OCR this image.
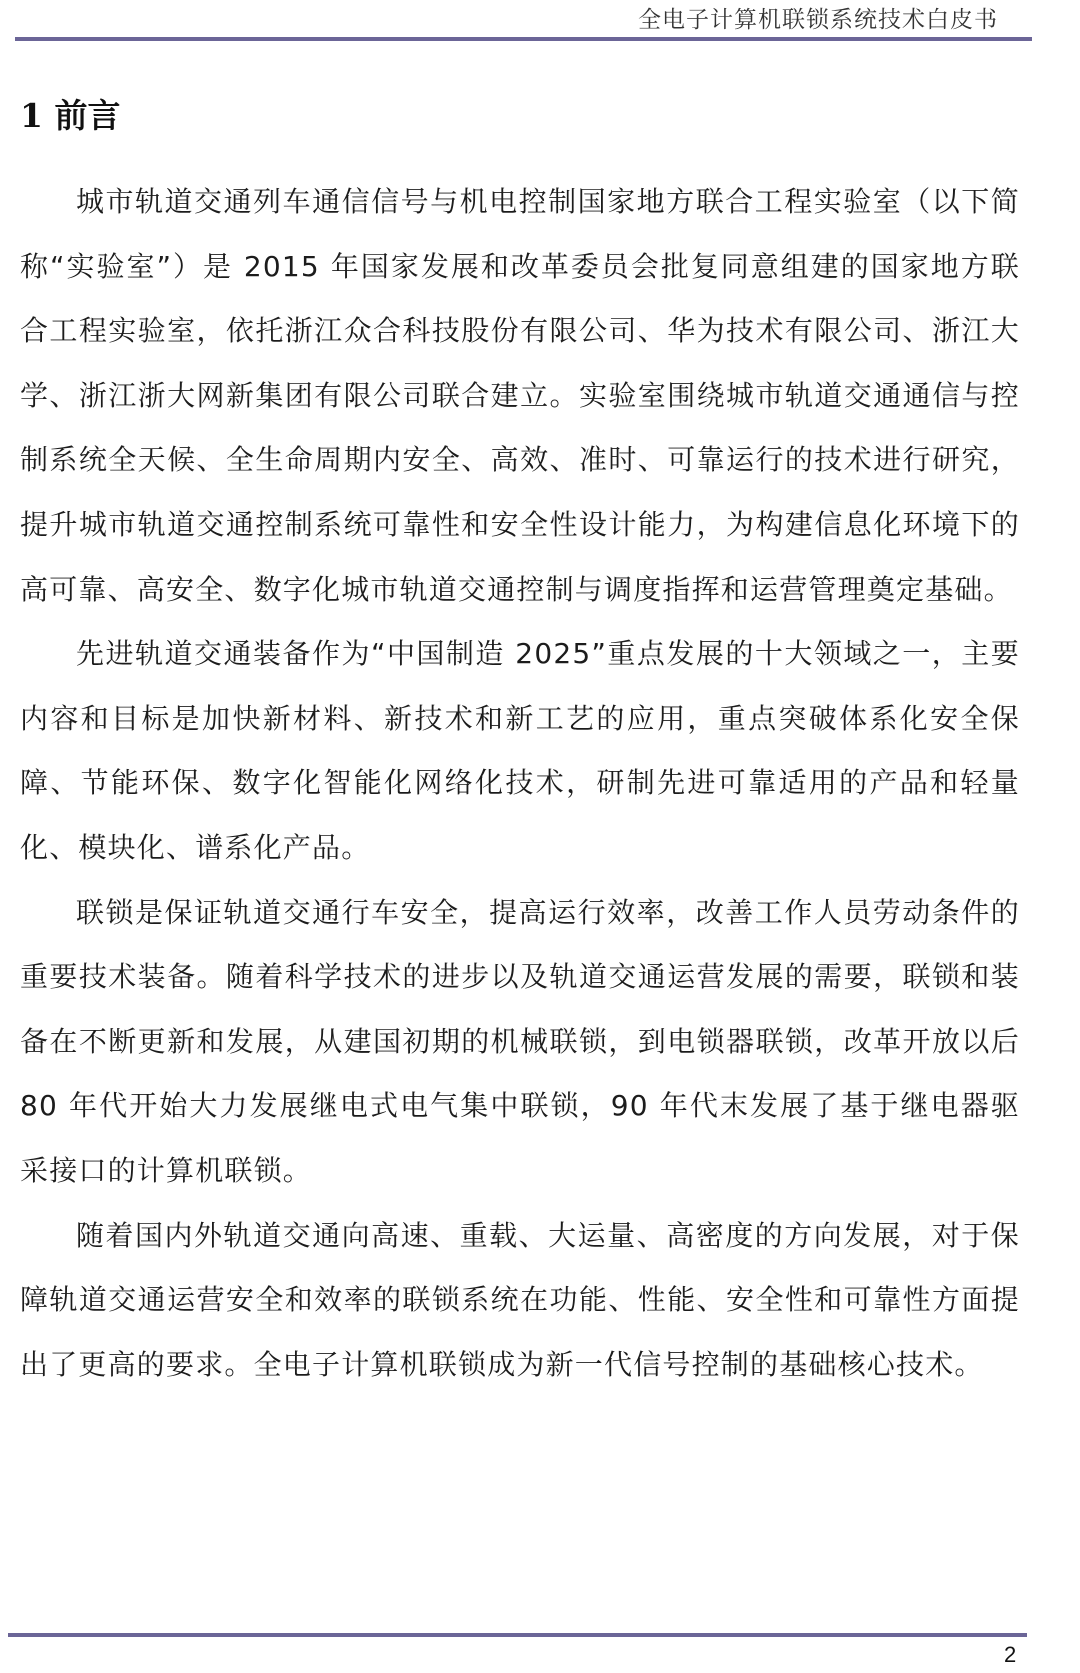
全电子计算机联锁系统技术白皮书
1 前言

城市轨道交通列车通信信号与机电控制国家地方联合工程实验室（以下简称“实验室”）是 2015 年国家发展和改革委员会批复同意组建的国家地方联合工程实验室，依托浙江众合科技股份有限公司、华为技术有限公司、浙江大学、浙江浙大网新集团有限公司联合建立。实验室围绕城市轨道交通通信与控制系统全天候、全生命周期内安全、高效、准时、可靠运行的技术进行研究，提升城市轨道交通控制系统可靠性和安全性设计能力，为构建信息化环境下的高可靠、高安全、数字化城市轨道交通控制与调度指挥和运营管理奠定基础。

先进轨道交通装备作为“中国制造 2025”重点发展的十大领域之一，主要内容和目标是加快新材料、新技术和新工艺的应用，重点突破体系化安全保障、节能环保、数字化智能化网络化技术，研制先进可靠适用的产品和轻量化、模块化、谱系化产品。

联锁是保证轨道交通行车安全，提高运行效率，改善工作人员劳动条件的重要技术装备。随着科学技术的进步以及轨道交通运营发展的需要，联锁和装备在不断更新和发展，从建国初期的机械联锁，到电锁器联锁，改革开放以后 80 年代开始大力发展继电式电气集中联锁，90 年代末发展了基于继电器驱采接口的计算机联锁。

随着国内外轨道交通向高速、重载、大运量、高密度的方向发展，对于保障轨道交通运营安全和效率的联锁系统在功能、性能、安全性和可靠性方面提出了更高的要求。全电子计算机联锁成为新一代信号控制的基础核心技术。

2
